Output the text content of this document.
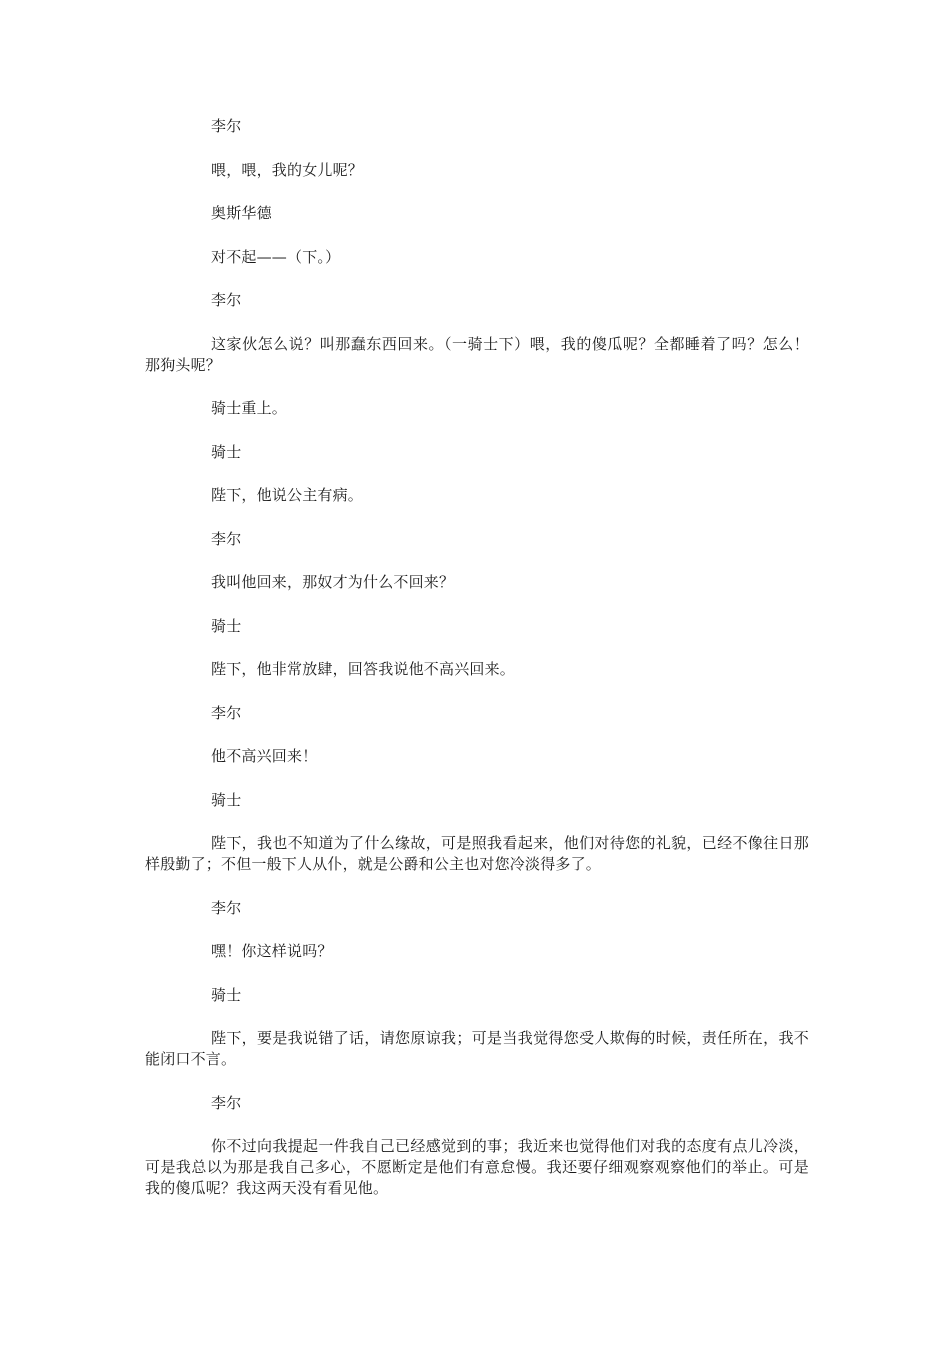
李尔

喂，喂，我的女儿呢？

奥斯华德

对不起——（下。）

李尔

这家伙怎么说？叫那蠢东西回来。（一骑士下）喂，我的傻瓜呢？全都睡着了吗？怎么！那狗头呢？

骑士重上。

骑士

陛下，他说公主有病。

李尔

我叫他回来，那奴才为什么不回来？

骑士

陛下，他非常放肆，回答我说他不高兴回来。

李尔

他不高兴回来！

骑士

陛下，我也不知道为了什么缘故，可是照我看起来，他们对待您的礼貌，已经不像往日那样殷勤了；不但一般下人从仆，就是公爵和公主也对您冷淡得多了。

李尔

嘿！你这样说吗？

骑士

陛下，要是我说错了话，请您原谅我；可是当我觉得您受人欺侮的时候，责任所在，我不能闭口不言。

李尔

你不过向我提起一件我自己已经感觉到的事；我近来也觉得他们对我的态度有点儿冷淡，可是我总以为那是我自己多心，不愿断定是他们有意怠慢。我还要仔细观察观察他们的举止。可是我的傻瓜呢？我这两天没有看见他。
